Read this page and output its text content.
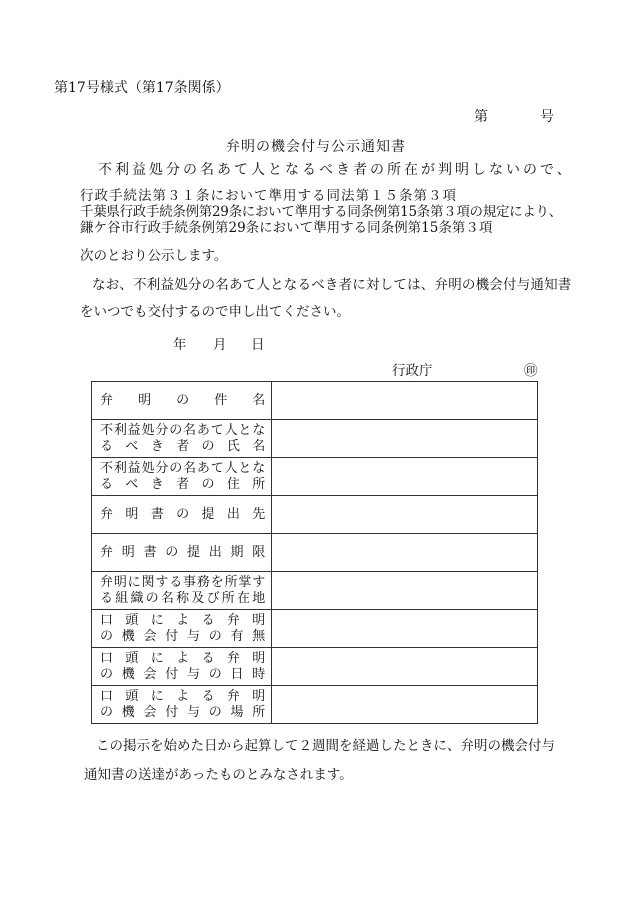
第17号様式（第17条関係）
第	号
弁明の機会付与公示通知書
不利益処分の名あて人となるべき者の所在が判明しないので、
行政手続法第３１条において準用する同法第１５条第３項
千葉県行政手続条例第29条において準用する同条例第15条第３項の規定により、
鎌ケ谷市行政手続条例第29条において準用する同条例第15条第３項
次のとおり公示します。
なお、不利益処分の名あて人となるべき者に対しては、弁明の機会付与通知書
をいつでも交付するので申し出てください。
年 月 日
行政庁	㊞
弁明の件名	

不利益処分の名あて人とな
るべき者の氏名	

不利益処分の名あて人とな
るべき者の住所	

弁明書の提出先	

弁明書の提出期限	

弁明に関する事務を所掌す
る組織の名称及び所在地	

口頭による弁明
の機会付与の有無	

口頭による弁明
の機会付与の日時	

口頭による弁明
の機会付与の場所	

この掲示を始めた日から起算して２週間を経過したときに、弁明の機会付与
通知書の送達があったものとみなされます。
